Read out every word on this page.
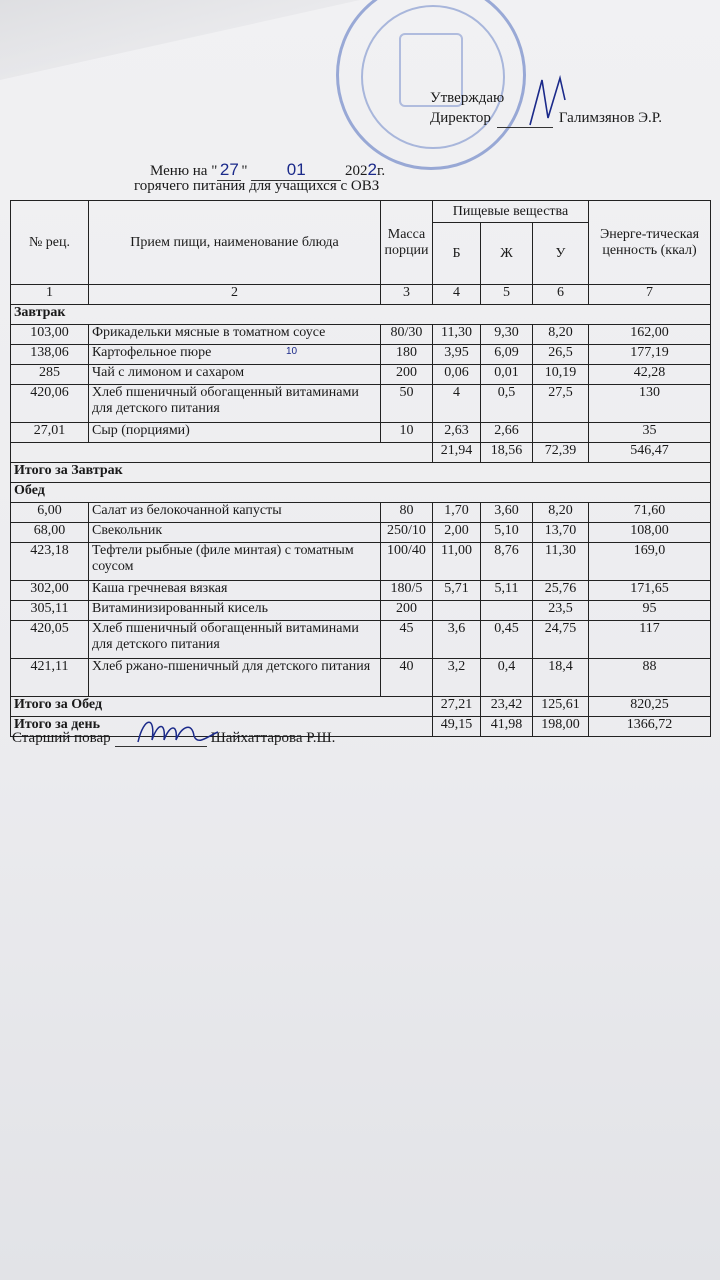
Утверждаю
Директор	Галимзянов Э.Р.
Меню на " 27 " 01	2022г.
горячего питания для учащихся с ОВЗ
№ рец.	Прием пищи, наименование блюда	Масса порции	Пищевые вещества			Энерге-тическая ценность (ккал)
			Б	Ж	У	
1	2	3	4	5	6	7
Завтрак						
103,00	Фрикадельки мясные в томатном соусе	80/30	11,30	9,30	8,20	162,00
138,06	Картофельное пюре	180	3,95	6,09	26,5	177,19
285	Чай с лимоном и сахаром	200	0,06	0,01	10,19	42,28
420,06	Хлеб пшеничный обогащенный витаминами для детского питания	50	4	0,5	27,5	130
27,01	Сыр (порциями)	10	2,63	2,66		35
			21,94	18,56	72,39	546,47
Итого за Завтрак						
Обед						
6,00	Салат из белокочанной капусты	80	1,70	3,60	8,20	71,60
68,00	Свекольник	250/10	2,00	5,10	13,70	108,00
423,18	Тефтели рыбные (филе минтая) с томатным соусом	100/40	11,00	8,76	11,30	169,0
302,00	Каша гречневая вязкая	180/5	5,71	5,11	25,76	171,65
305,11	Витаминизированный кисель	200			23,5	95
420,05	Хлеб пшеничный обогащенный витаминами для детского питания	45	3,6	0,45	24,75	117
421,11	Хлеб ржано-пшеничный для детского питания	40	3,2	0,4	18,4	88
Итого за Обед			27,21	23,42	125,61	820,25
Итого за день			49,15	41,98	198,00	1366,72
10
Старший повар	Шайхаттарова Р.Ш.
